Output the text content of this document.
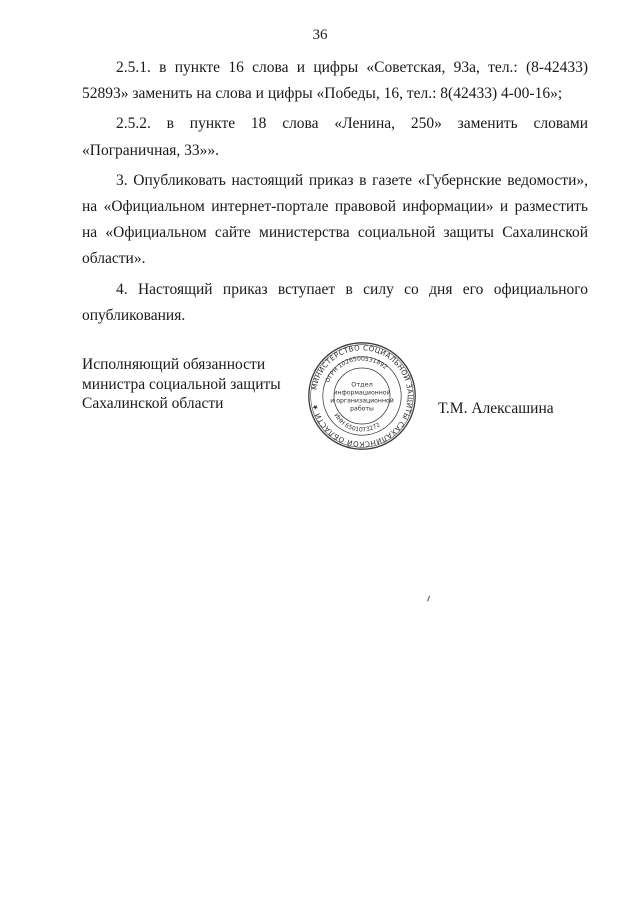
36

2.5.1. в пункте 16 слова и цифры «Советская, 93а, тел.: (8-42433) 52893» заменить на слова и цифры «Победы, 16, тел.: 8(42433) 4-00-16»;

2.5.2. в пункте 18 слова «Ленина, 250» заменить словами «Пограничная, 33»».

3. Опубликовать настоящий приказ в газете «Губернские ведомости», на «Официальном интернет-портале правовой информации» и разместить на «Официальном сайте министерства социальной защиты Сахалинской области».

4. Настоящий приказ вступает в силу со дня его официального опубликования.

Исполняющий обязанности
министра социальной защиты
Сахалинской области
МИНИСТЕРСТВО СОЦИАЛЬНОЙ ЗАЩИТЫ САХАЛИНСКОЙ ОБЛАСТИ ★
ОГРН 1026500531892
ИНН 6501073272
Отдел
информационной
и организационной
работы	Т.М. Алексашина
